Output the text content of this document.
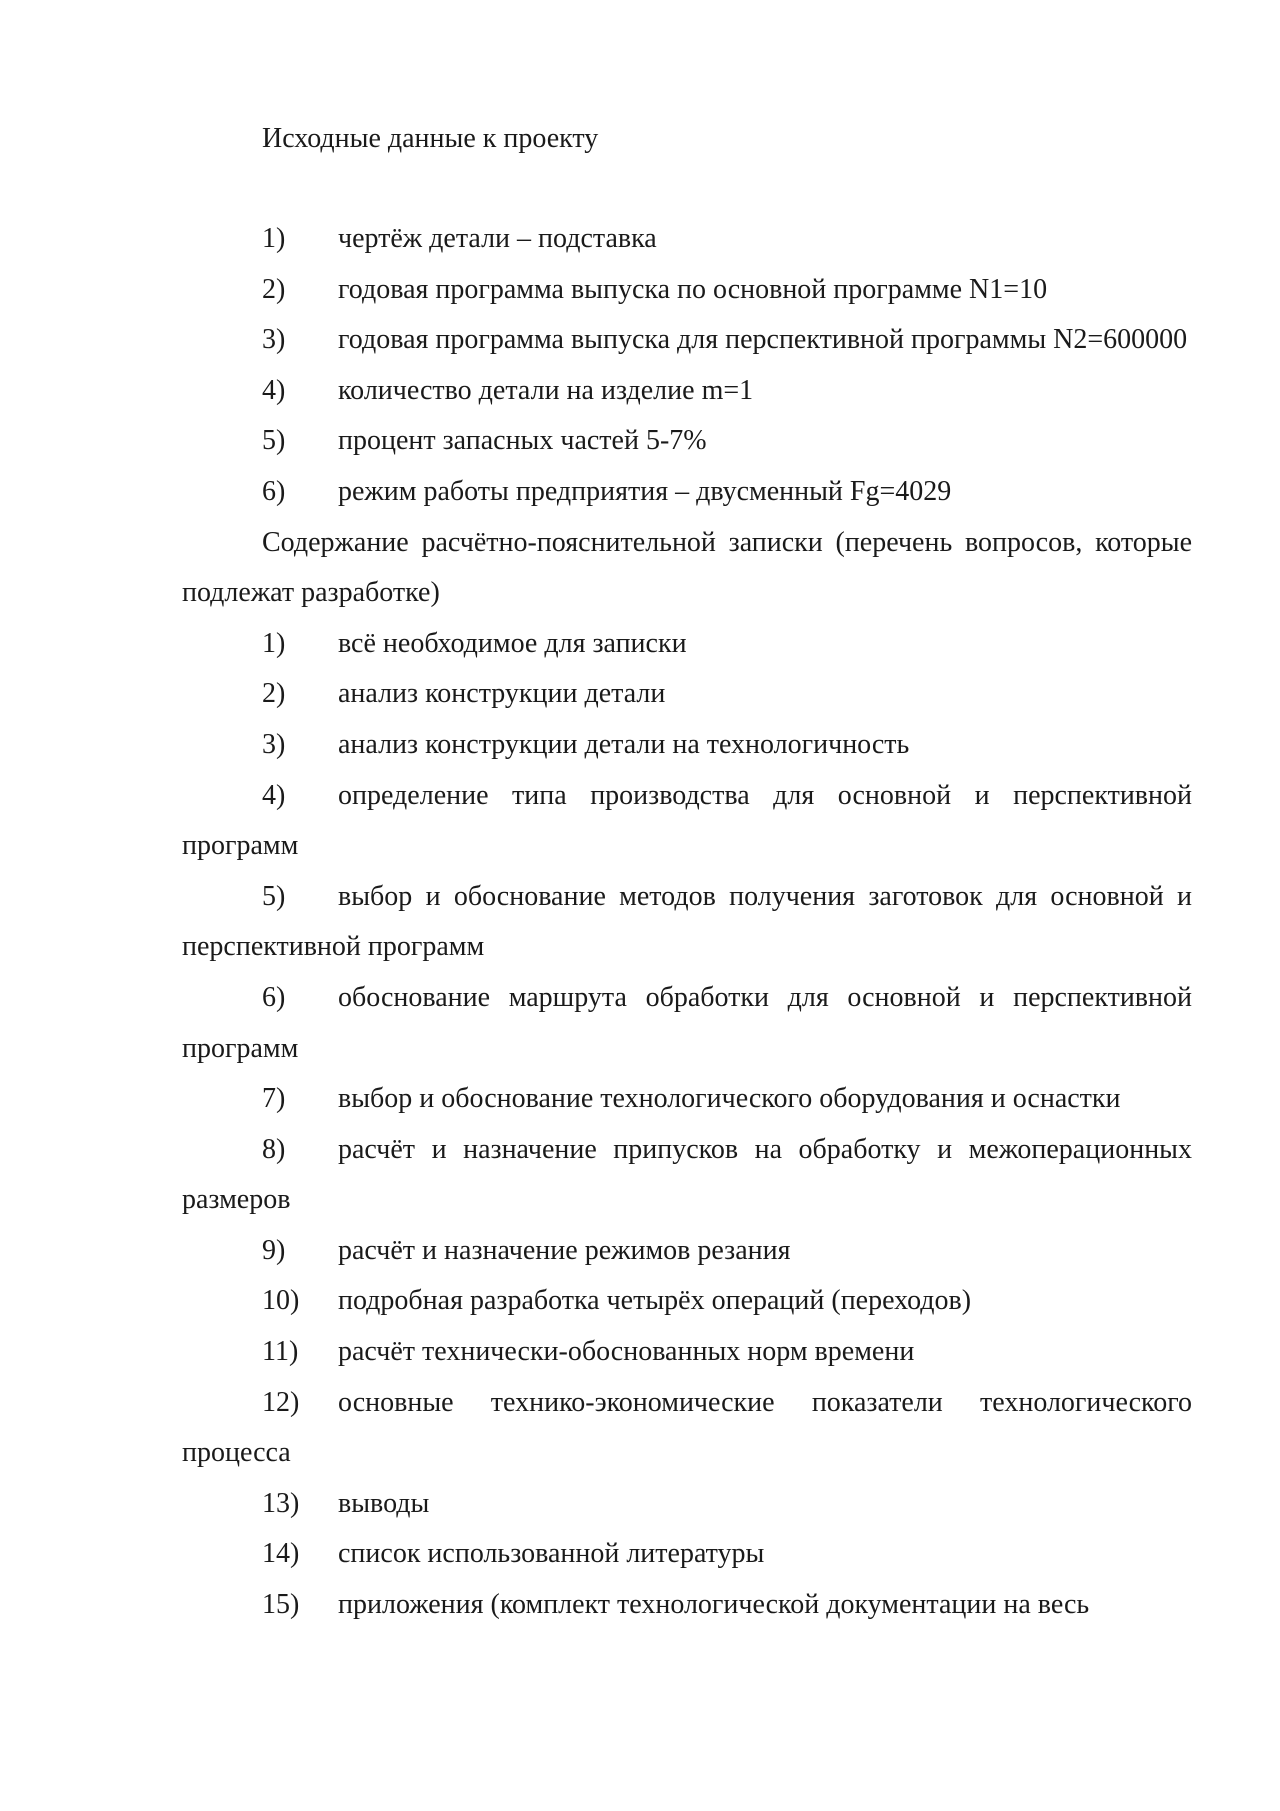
Исходные данные к проекту

1) чертёж детали – подставка
2) годовая программа выпуска по основной программе N1=10
3) годовая программа выпуска для перспективной программы N2=600000
4) количество детали на изделие m=1
5) процент запасных частей 5-7%
6) режим работы предприятия – двусменный Fg=4029

Содержание расчётно-пояснительной записки (перечень вопросов, которые подлежат разработке)

1) всё необходимое для записки
2) анализ конструкции детали
3) анализ конструкции детали на технологичность
4) определение типа производства для основной и перспективной программ
5) выбор и обоснование методов получения заготовок для основной и перспективной программ
6) обоснование маршрута обработки для основной и перспективной программ
7) выбор и обоснование технологического оборудования и оснастки
8) расчёт и назначение припусков на обработку и межоперационных размеров
9) расчёт и назначение режимов резания
10) подробная разработка четырёх операций (переходов)
11) расчёт технически-обоснованных норм времени
12) основные технико-экономические показатели технологического процесса
13) выводы
14) список использованной литературы
15) приложения (комплект технологической документации на весь
